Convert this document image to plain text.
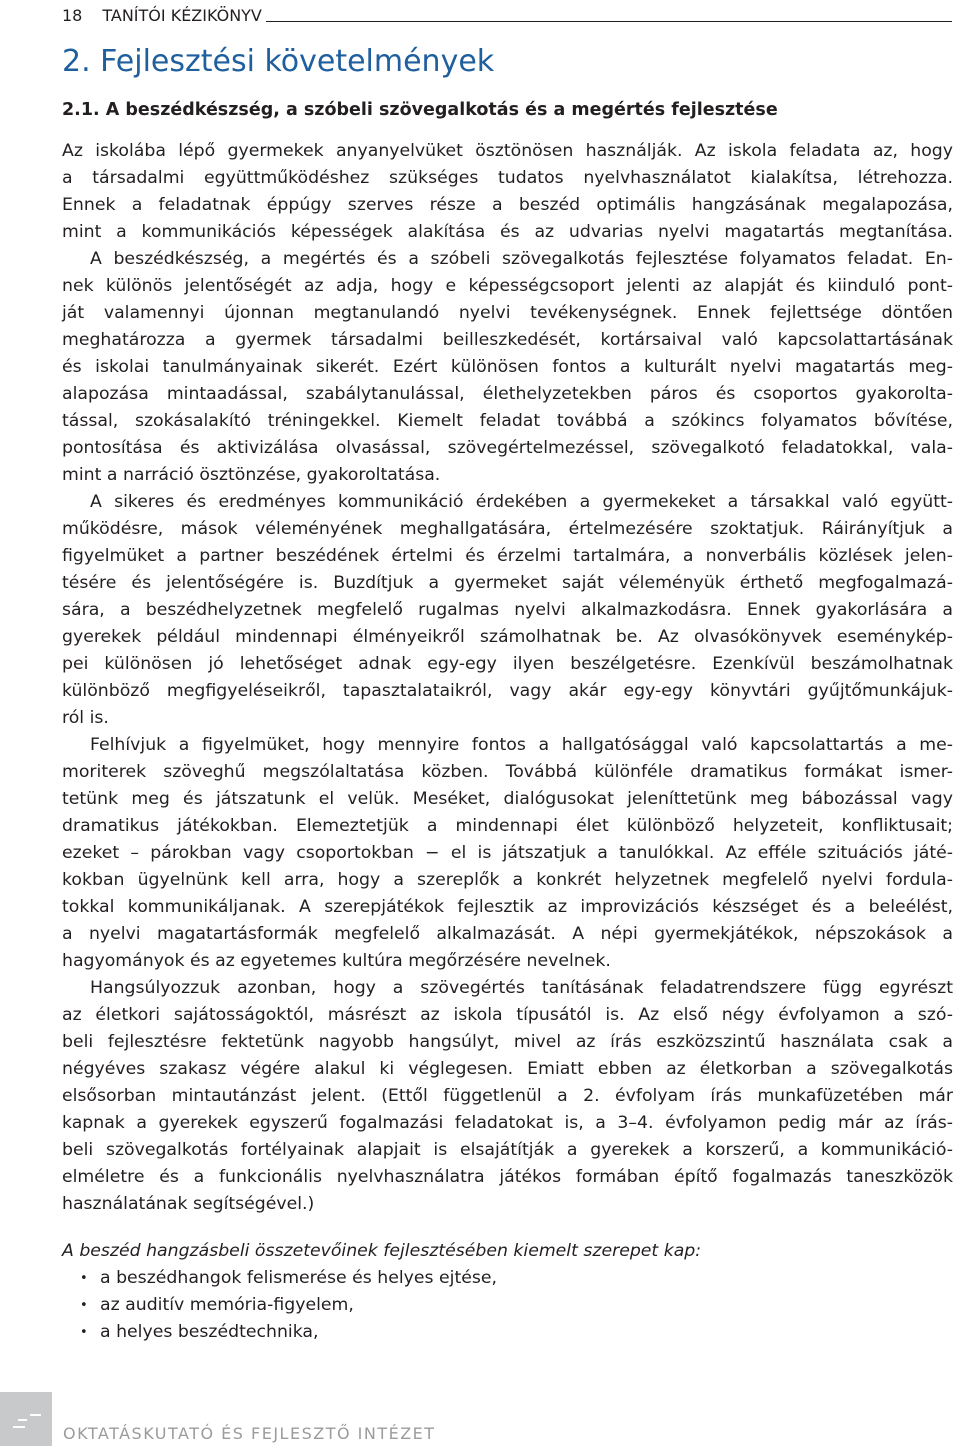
18 TANÍTÓI KÉZIKÖNYV
2. Fejlesztési követelmények
2.1. A beszédkészség, a szóbeli szövegalkotás és a megértés fejlesztése
Az iskolába lépő gyermekek anyanyelvüket ösztönösen használják. Az iskola feladata az, hogy
a társadalmi együttműködéshez szükséges tudatos nyelvhasználatot kialakítsa, létrehozza.
Ennek a feladatnak éppúgy szerves része a beszéd optimális hangzásának megalapozása,
mint a kommunikációs képességek alakítása és az udvarias nyelvi magatartás megtanítása.
A beszédkészség, a megértés és a szóbeli szövegalkotás fejlesztése folyamatos feladat. En-
nek különös jelentőségét az adja, hogy e képességcsoport jelenti az alapját és kiinduló pont-
ját valamennyi újonnan megtanulandó nyelvi tevékenységnek. Ennek fejlettsége döntően
meghatározza a gyermek társadalmi beilleszkedését, kortársaival való kapcsolattartásának
és iskolai tanulmányainak sikerét. Ezért különösen fontos a kulturált nyelvi magatartás meg-
alapozása mintaadással, szabálytanulással, élethelyzetekben páros és csoportos gyakorolta-
tással, szokásalakító tréningekkel. Kiemelt feladat továbbá a szókincs folyamatos bővítése,
pontosítása és aktivizálása olvasással, szövegértelmezéssel, szövegalkotó feladatokkal, vala-
mint a narráció ösztönzése, gyakoroltatása.
A sikeres és eredményes kommunikáció érdekében a gyermekeket a társakkal való együtt-
működésre, mások véleményének meghallgatására, értelmezésére szoktatjuk. Ráirányítjuk a
figyelmüket a partner beszédének értelmi és érzelmi tartalmára, a nonverbális közlések jelen-
tésére és jelentőségére is. Buzdítjuk a gyermeket saját véleményük érthető megfogalmazá-
sára, a beszédhelyzetnek megfelelő rugalmas nyelvi alkalmazkodásra. Ennek gyakorlására a
gyerekek például mindennapi élményeikről számolhatnak be. Az olvasókönyvek eseménykép-
pei különösen jó lehetőséget adnak egy-egy ilyen beszélgetésre. Ezenkívül beszámolhatnak
különböző megfigyeléseikről, tapasztalataikról, vagy akár egy-egy könyvtári gyűjtőmunkájuk-
ról is.
Felhívjuk a figyelmüket, hogy mennyire fontos a hallgatósággal való kapcsolattartás a me-
moriterek szöveghű megszólaltatása közben. Továbbá különféle dramatikus formákat ismer-
tetünk meg és játszatunk el velük. Meséket, dialógusokat jeleníttetünk meg bábozással vagy
dramatikus játékokban. Elemeztetjük a mindennapi élet különböző helyzeteit, konfliktusait;
ezeket – párokban vagy csoportokban − el is játszatjuk a tanulókkal. Az efféle szituációs játé-
kokban ügyelnünk kell arra, hogy a szereplők a konkrét helyzetnek megfelelő nyelvi fordula-
tokkal kommunikáljanak. A szerepjátékok fejlesztik az improvizációs készséget és a beleélést,
a nyelvi magatartásformák megfelelő alkalmazását. A népi gyermekjátékok, népszokások a
hagyományok és az egyetemes kultúra megőrzésére nevelnek.
Hangsúlyozzuk azonban, hogy a szövegértés tanításának feladatrendszere függ egyrészt
az életkori sajátosságoktól, másrészt az iskola típusától is. Az első négy évfolyamon a szó-
beli fejlesztésre fektetünk nagyobb hangsúlyt, mivel az írás eszközszintű használata csak a
négyéves szakasz végére alakul ki véglegesen. Emiatt ebben az életkorban a szövegalkotás
elsősorban mintautánzást jelent. (Ettől függetlenül a 2. évfolyam írás munkafüzetében már
kapnak a gyerekek egyszerű fogalmazási feladatokat is, a 3–4. évfolyamon pedig már az írás-
beli szövegalkotás fortélyainak alapjait is elsajátítják a gyerekek a korszerű, a kommunikáció-
elméletre és a funkcionális nyelvhasználatra játékos formában építő fogalmazás taneszközök
használatának segítségével.)
A beszéd hangzásbeli összetevőinek fejlesztésében kiemelt szerepet kap:
• a beszédhangok felismerése és helyes ejtése,
• az auditív memória-figyelem,
• a helyes beszédtechnika,
OKTATÁSKUTATÓ ÉS FEJLESZTŐ INTÉZET
